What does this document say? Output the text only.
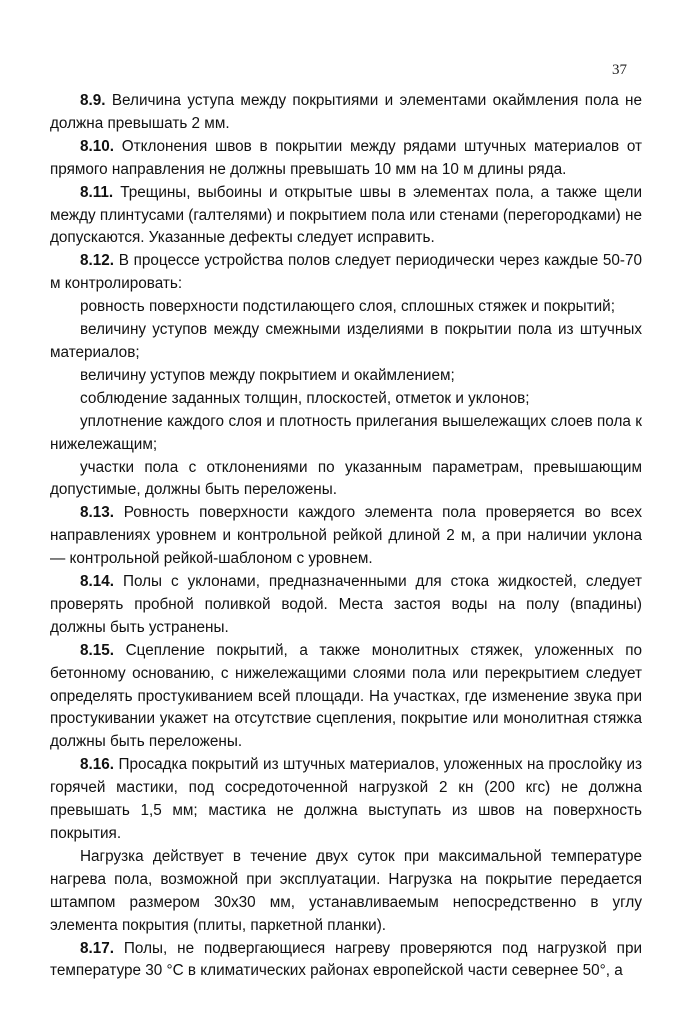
37

8.9. Величина уступа между покрытиями и элементами окаймления пола не должна превышать 2 мм.

8.10. Отклонения швов в покрытии между рядами штучных материалов от прямого направления не должны превышать 10 мм на 10 м длины ряда.

8.11. Трещины, выбоины и открытые швы в элементах пола, а также щели между плинтусами (галтелями) и покрытием пола или стенами (перегородками) не допускаются. Указанные дефекты следует исправить.

8.12. В процессе устройства полов следует периодически через каждые 50-70 м контролировать:

ровность поверхности подстилающего слоя, сплошных стяжек и покрытий;

величину уступов между смежными изделиями в покрытии пола из штучных материалов;

величину уступов между покрытием и окаймлением;

соблюдение заданных толщин, плоскостей, отметок и уклонов;

уплотнение каждого слоя и плотность прилегания вышележащих слоев пола к нижележащим;

участки пола с отклонениями по указанным параметрам, превышающим допустимые, должны быть переложены.

8.13. Ровность поверхности каждого элемента пола проверяется во всех направлениях уровнем и контрольной рейкой длиной 2 м, а при наличии уклона — контрольной рейкой-шаблоном с уровнем.

8.14. Полы с уклонами, предназначенными для стока жидкостей, следует проверять пробной поливкой водой. Места застоя воды на полу (впадины) должны быть устранены.

8.15. Сцепление покрытий, а также монолитных стяжек, уложенных по бетонному основанию, с нижележащими слоями пола или перекрытием следует определять простукиванием всей площади. На участках, где изменение звука при простукивании укажет на отсутствие сцепления, покрытие или монолитная стяжка должны быть переложены.

8.16. Просадка покрытий из штучных материалов, уложенных на прослойку из горячей мастики, под сосредоточенной нагрузкой 2 кн (200 кгс) не должна превышать 1,5 мм; мастика не должна выступать из швов на поверхность покрытия.

Нагрузка действует в течение двух суток при максимальной температуре нагрева пола, возможной при эксплуатации. Нагрузка на покрытие передается штампом размером 30х30 мм, устанавливаемым непосредственно в углу элемента покрытия (плиты, паркетной планки).

8.17. Полы, не подвергающиеся нагреву проверяются под нагрузкой при температуре 30 °С в климатических районах европейской части севернее 50°, а
